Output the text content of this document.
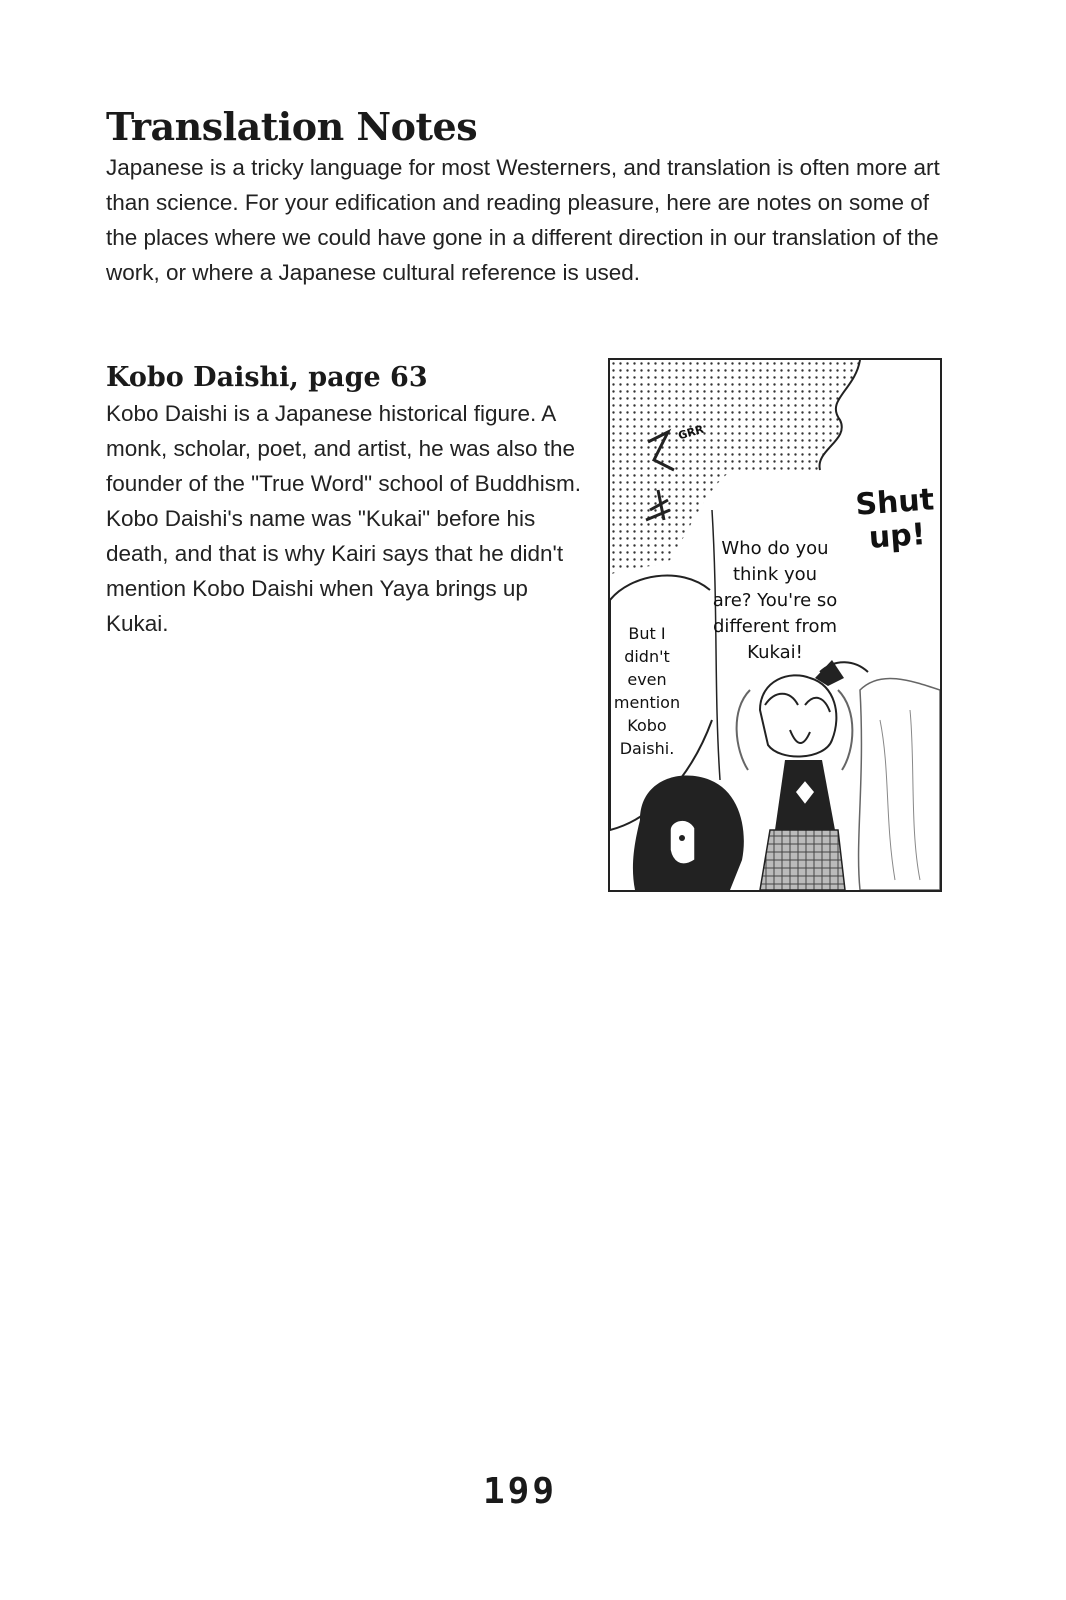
Translation Notes

Japanese is a tricky language for most Westerners, and translation is often more art than science. For your edification and reading pleasure, here are notes on some of the places where we could have gone in a different direction in our translation of the work, or where a Japanese cultural reference is used.

Kobo Daishi, page 63

Kobo Daishi is a Japanese historical figure. A monk, scholar, poet, and artist, he was also the founder of the "True Word" school of Buddhism. Kobo Daishi's name was "Kukai" before his death, and that is why Kairi says that he didn't mention Kobo Daishi when Yaya brings up Kukai.

GRR

Shut up!

Who do you think you are? You're so different from Kukai!

But I didn't even mention Kobo Daishi.

199
